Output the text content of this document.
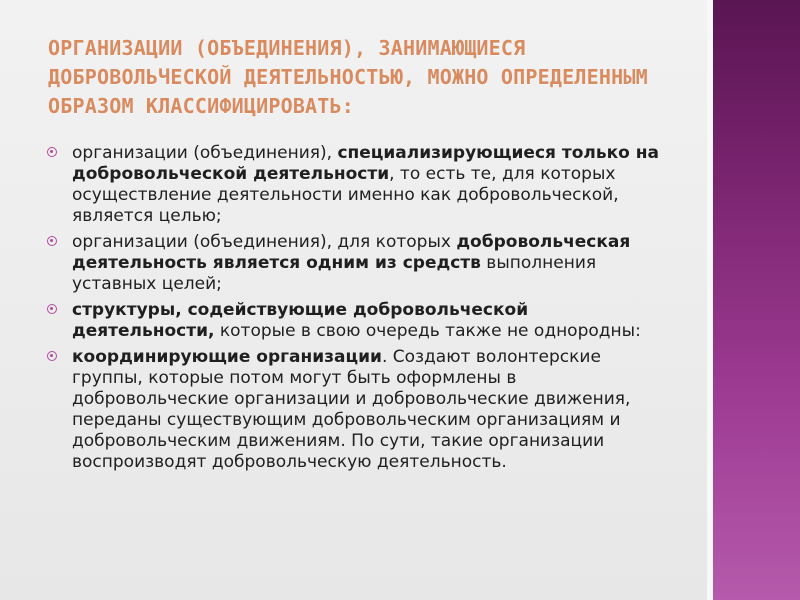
ОРГАНИЗАЦИИ (ОБЪЕДИНЕНИЯ), ЗАНИМАЮЩИЕСЯ ДОБРОВОЛЬЧЕСКОЙ ДЕЯТЕЛЬНОСТЬЮ, МОЖНО ОПРЕДЕЛЕННЫМ ОБРАЗОМ КЛАССИФИЦИРОВАТЬ:
организации (объединения), специализирующиеся только на добровольческой деятельности, то есть те, для которых осуществление деятельности именно как добровольческой, является целью;
организации (объединения), для которых добровольческая деятельность является одним из средств выполнения уставных целей;
структуры, содействующие добровольческой деятельности, которые в свою очередь также не однородны:
координирующие организации. Создают волонтерские группы, которые потом могут быть оформлены в добровольческие организации и добровольческие движения, переданы существующим добровольческим организациям и добровольческим движениям. По сути, такие организации воспроизводят добровольческую деятельность.
